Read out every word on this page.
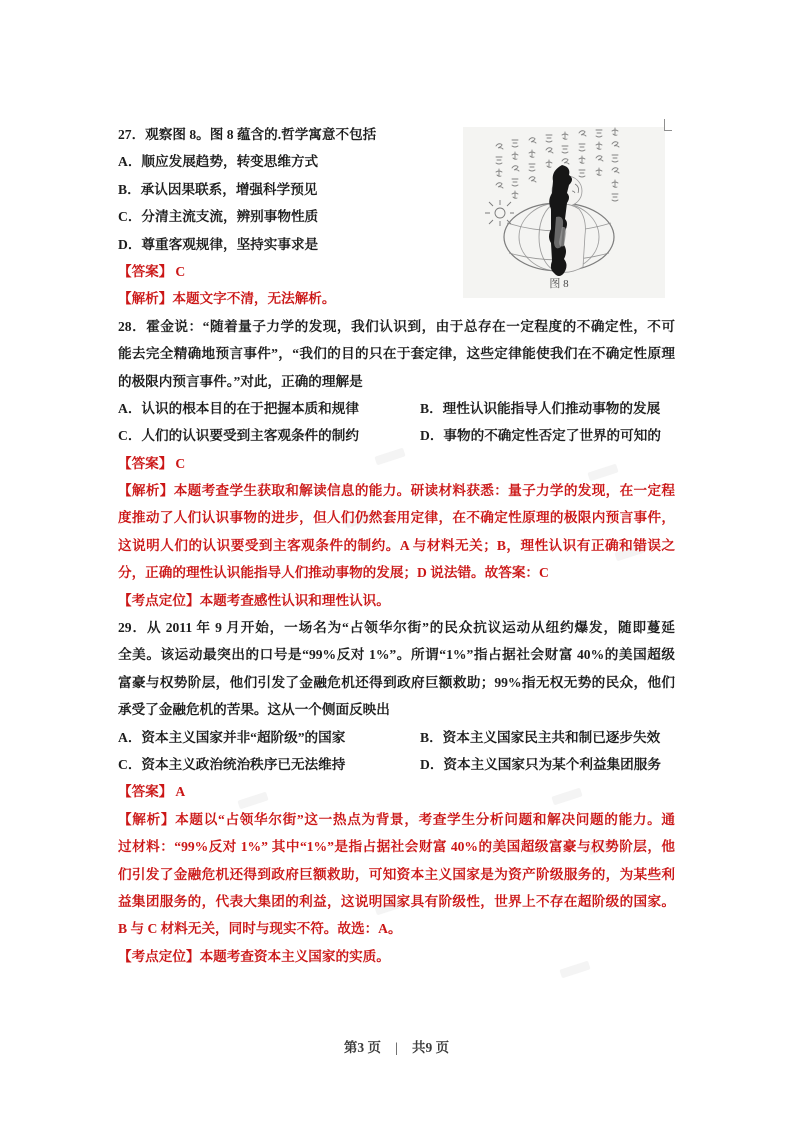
图 8
27．观察图 8。图 8 蕴含的.哲学寓意不包括
A．顺应发展趋势，转变思维方式
B．承认因果联系，增强科学预见
C．分清主流支流，辨别事物性质
D．尊重客观规律，坚持实事求是
【答案】 C
【解析】本题文字不清，无法解析。
28．霍金说：“随着量子力学的发现，我们认识到，由于总存在一定程度的不确定性，不可
能去完全精确地预言事件”，“我们的目的只在于套定律，这些定律能使我们在不确定性原理
的极限内预言事件。”对此，正确的理解是
A．认识的根本目的在于把握本质和规律	B．理性认识能指导人们推动事物的发展
C．人们的认识要受到主客观条件的制约	D．事物的不确定性否定了世界的可知的
【答案】 C
【解析】本题考查学生获取和解读信息的能力。研读材料获悉：量子力学的发现，在一定程
度推动了人们认识事物的进步，但人们仍然套用定律，在不确定性原理的极限内预言事件，
这说明人们的认识要受到主客观条件的制约。A 与材料无关；B，理性认识有正确和错误之
分，正确的理性认识能指导人们推动事物的发展；D 说法错。故答案：C
【考点定位】本题考查感性认识和理性认识。
29．从 2011 年 9 月开始，一场名为“占领华尔街”的民众抗议运动从纽约爆发，随即蔓延
全美。该运动最突出的口号是“99%反对 1%”。所谓“1%”指占据社会财富 40%的美国超级
富豪与权势阶层，他们引发了金融危机还得到政府巨额救助；99%指无权无势的民众，他们
承受了金融危机的苦果。这从一个侧面反映出
A．资本主义国家并非“超阶级”的国家	B．资本主义国家民主共和制已逐步失效
C．资本主义政治统治秩序已无法维持	D．资本主义国家只为某个利益集团服务
【答案】 A
【解析】本题以“占领华尔街”这一热点为背景，考查学生分析问题和解决问题的能力。通
过材料：“99%反对 1%” 其中“1%”是指占据社会财富 40%的美国超级富豪与权势阶层，他
们引发了金融危机还得到政府巨额救助，可知资本主义国家是为资产阶级服务的，为某些利
益集团服务的，代表大集团的利益，这说明国家具有阶级性，世界上不存在超阶级的国家。
B 与 C 材料无关，同时与现实不符。故选：A。
【考点定位】本题考查资本主义国家的实质。
第3 页 | 共9 页
